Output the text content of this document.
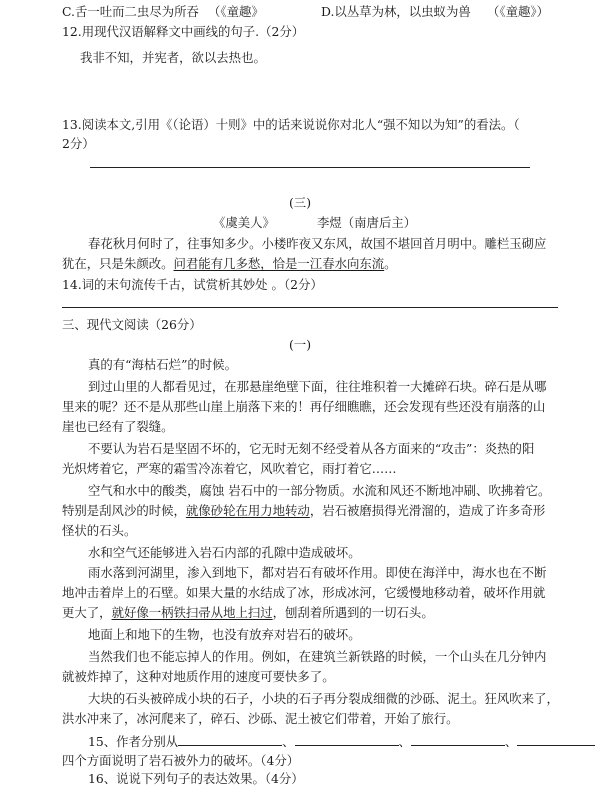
C.舌一吐而二虫尽为所吞 （《童趣》	D.以丛草为林，以虫蚁为兽 （《童趣》）
12.用现代汉语解释文中画线的句子.（2分）
我非不知，并宪者，欲以去热也。
13.阅读本文,引用《（论语）十则》中的话来说说你对北人“强不知以为知”的看法。（
2分）
(三)
《虞美人》	李煜（南唐后主）
春花秋月何时了，往事知多少。小楼昨夜又东风，故国不堪回首月明中。雕栏玉砌应
犹在，只是朱颜改。问君能有几多愁，恰是一江春水向东流。
14.词的末句流传千古，试赏析其妙处 。（2分）
三、现代文阅读（26分）
(一)
真的有“海枯石烂”的时候。
到过山里的人都看见过，在那悬崖绝壁下面，往往堆积着一大摊碎石块。碎石是从哪
里来的呢？还不是从那些山崖上崩落下来的！再仔细瞧瞧，还会发现有些还没有崩落的山
崖也已经有了裂缝。
不要认为岩石是坚固不坏的，它无时无刻不经受着从各方面来的“攻击”：炎热的阳
光炽烤着它，严寒的霜雪冷冻着它，风吹着它，雨打着它……
空气和水中的酸类，腐蚀 岩石中的一部分物质。水流和风还不断地冲刷、吹拂着它。
特别是刮风沙的时候，就像砂轮在用力地转动，岩石被磨损得光滑溜的，造成了许多奇形
怪状的石头。
水和空气还能够进入岩石内部的孔隙中造成破坏。
雨水落到河湖里，渗入到地下，都对岩石有破坏作用。即使在海洋中，海水也在不断
地冲击着岸上的石壁。如果大量的水结成了冰，形成冰河，它缓慢地移动着，破坏作用就
更大了，就好像一柄铁扫帚从地上扫过，刨刮着所遇到的一切石头。
地面上和地下的生物，也没有放弃对岩石的破坏。
当然我们也不能忘掉人的作用。例如，在建筑兰新铁路的时候，一个山头在几分钟内
就被炸掉了，这种对地质作用的速度可要快多了。
大块的石头被碎成小块的石子，小块的石子再分裂成细微的沙砾、泥土。狂风吹来了，
洪水冲来了，冰河爬来了，碎石、沙砾、泥土被它们带着，开始了旅行。
15、作者分别从	、	、	、
四个方面说明了岩石被外力的破坏。（4分）
16、说说下列句子的表达效果。（4分）
